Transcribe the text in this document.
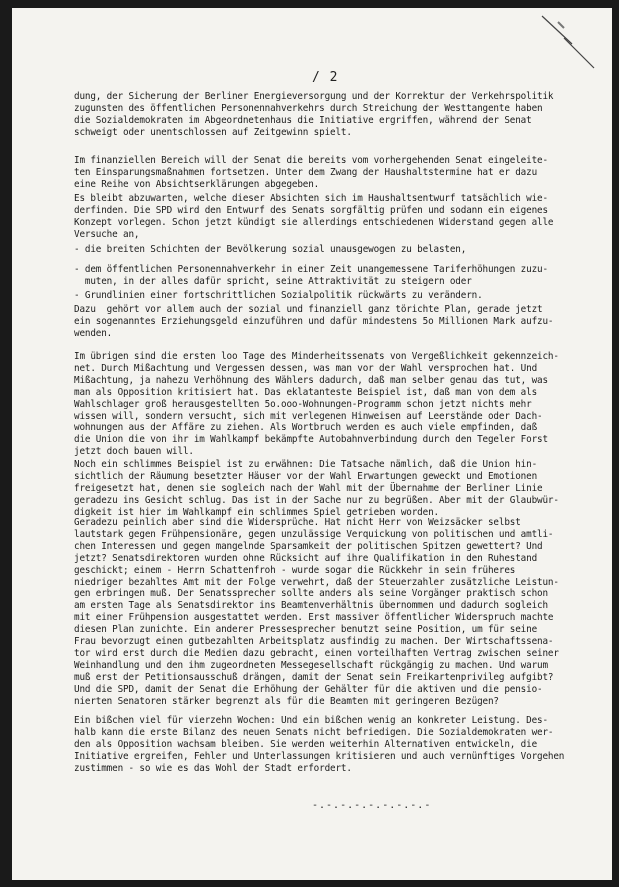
/ 2
dung, der Sicherung der Berliner Energieversorgung und der Korrektur der Verkehrspolitik
zugunsten des öffentlichen Personennahverkehrs durch Streichung der Westtangente haben
die Sozialdemokraten im Abgeordnetenhaus die Initiative ergriffen, während der Senat
schweigt oder unentschlossen auf Zeitgewinn spielt.
Im finanziellen Bereich will der Senat die bereits vom vorhergehenden Senat eingeleite-
ten Einsparungsmaßnahmen fortsetzen. Unter dem Zwang der Haushaltstermine hat er dazu
eine Reihe von Absichtserklärungen abgegeben.
Es bleibt abzuwarten, welche dieser Absichten sich im Haushaltsentwurf tatsächlich wie-
derfinden. Die SPD wird den Entwurf des Senats sorgfältig prüfen und sodann ein eigenes
Konzept vorlegen. Schon jetzt kündigt sie allerdings entschiedenen Widerstand gegen alle
Versuche an,
- die breiten Schichten der Bevölkerung sozial unausgewogen zu belasten,
- dem öffentlichen Personennahverkehr in einer Zeit unangemessene Tariferhöhungen zuzu-
muten, in der alles dafür spricht, seine Attraktivität zu steigern oder
- Grundlinien einer fortschrittlichen Sozialpolitik rückwärts zu verändern.
Dazu  gehört vor allem auch der sozial und finanziell ganz törichte Plan, gerade jetzt
ein sogenanntes Erziehungsgeld einzuführen und dafür mindestens 5o Millionen Mark aufzu-
wenden.
Im übrigen sind die ersten loo Tage des Minderheitssenats von Vergeßlichkeit gekennzeich-
net. Durch Mißachtung und Vergessen dessen, was man vor der Wahl versprochen hat. Und
Mißachtung, ja nahezu Verhöhnung des Wählers dadurch, daß man selber genau das tut, was
man als Opposition kritisiert hat. Das eklatanteste Beispiel ist, daß man von dem als
Wahlschlager groß herausgestellten 5o.ooo-Wohnungen-Programm schon jetzt nichts mehr
wissen will, sondern versucht, sich mit verlegenen Hinweisen auf Leerstände oder Dach-
wohnungen aus der Affäre zu ziehen. Als Wortbruch werden es auch viele empfinden, daß
die Union die von ihr im Wahlkampf bekämpfte Autobahnverbindung durch den Tegeler Forst
jetzt doch bauen will.
Noch ein schlimmes Beispiel ist zu erwähnen: Die Tatsache nämlich, daß die Union hin-
sichtlich der Räumung besetzter Häuser vor der Wahl Erwartungen geweckt und Emotionen
freigesetzt hat, denen sie sogleich nach der Wahl mit der Übernahme der Berliner Linie
geradezu ins Gesicht schlug. Das ist in der Sache nur zu begrüßen. Aber mit der Glaubwür-
digkeit ist hier im Wahlkampf ein schlimmes Spiel getrieben worden.
Geradezu peinlich aber sind die Widersprüche. Hat nicht Herr von Weizsäcker selbst
lautstark gegen Frühpensionäre, gegen unzulässige Verquickung von politischen und amtli-
chen Interessen und gegen mangelnde Sparsamkeit der politischen Spitzen gewettert? Und
jetzt? Senatsdirektoren wurden ohne Rücksicht auf ihre Qualifikation in den Ruhestand
geschickt; einem - Herrn Schattenfroh - wurde sogar die Rückkehr in sein früheres
niedriger bezahltes Amt mit der Folge verwehrt, daß der Steuerzahler zusätzliche Leistun-
gen erbringen muß. Der Senatssprecher sollte anders als seine Vorgänger praktisch schon
am ersten Tage als Senatsdirektor ins Beamtenverhältnis übernommen und dadurch sogleich
mit einer Frühpension ausgestattet werden. Erst massiver öffentlicher Widerspruch machte
diesen Plan zunichte. Ein anderer Pressesprecher benutzt seine Position, um für seine
Frau bevorzugt einen gutbezahlten Arbeitsplatz ausfindig zu machen. Der Wirtschaftssena-
tor wird erst durch die Medien dazu gebracht, einen vorteilhaften Vertrag zwischen seiner
Weinhandlung und den ihm zugeordneten Messegesellschaft rückgängig zu machen. Und warum
muß erst der Petitionsausschuß drängen, damit der Senat sein Freikartenprivileg aufgibt?
Und die SPD, damit der Senat die Erhöhung der Gehälter für die aktiven und die pensio-
nierten Senatoren stärker begrenzt als für die Beamten mit geringeren Bezügen?
Ein bißchen viel für vierzehn Wochen: Und ein bißchen wenig an konkreter Leistung. Des-
halb kann die erste Bilanz des neuen Senats nicht befriedigen. Die Sozialdemokraten wer-
den als Opposition wachsam bleiben. Sie werden weiterhin Alternativen entwickeln, die
Initiative ergreifen, Fehler und Unterlassungen kritisieren und auch vernünftiges Vorgehen
zustimmen - so wie es das Wohl der Stadt erfordert.
-.-.-.-.-.-.-.-.-
